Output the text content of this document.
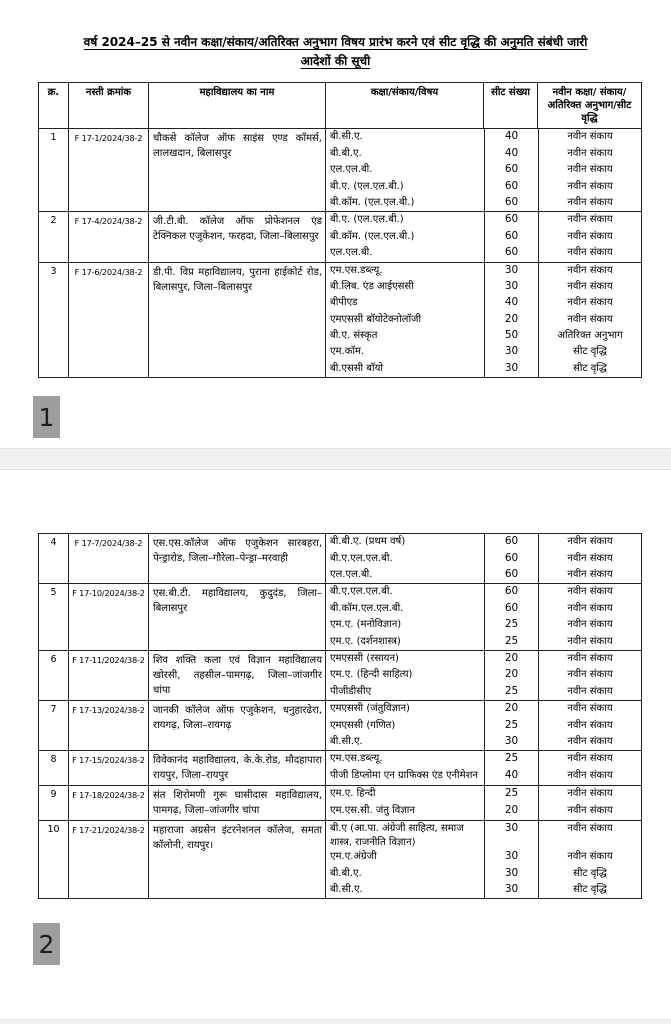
वर्ष 2024–25 से नवीन कक्षा/संकाय/अतिरिक्त अनुभाग विषय प्रारंभ करने एवं सीट वृद्धि की अनुमति संबंधी जारी
आदेशों की सूची
क्र.	नस्ती क्रमांक	महाविद्यालय का नाम	कक्षा/संकाय/विषय	सीट संख्या	नवीन कक्षा/ संकाय/ अतिरिक्त अनुभाग/सीट वृद्धि
1	F 17-1/2024/38-2	चौकसे कॉलेज ऑफ साइंस एण्ड कॉमर्स, लालखदान, बिलासपुर
बी.सी.ए.	40	नवीन संकाय
बी.बी.ए.	40	नवीन संकाय
एल.एल.बी.	60	नवीन संकाय
बी.ए. (एल.एल.बी.)	60	नवीन संकाय
बी.कॉम. (एल.एल.बी.)	60	नवीन संकाय
2	F 17-4/2024/38-2	जी.टी.बी. कॉलेज ऑफ प्रोफेशनल एंड टेक्निकल एजुकेशन, फरहदा, जिला–बिलासपुर
बी.ए. (एल.एल.बी.)	60	नवीन संकाय
बी.कॉम. (एल.एल.बी.)	60	नवीन संकाय
एल.एल.बी.	60	नवीन संकाय
3	F 17-6/2024/38-2	डी.पी. विप्र महाविद्यालय, पुराना हाईकोर्ट रोड, बिलासपुर, जिला–बिलासपुर
एम.एस.डब्ल्यू.	30	नवीन संकाय
बी.लिब. एंड आईएससी	30	नवीन संकाय
बीपीएड	40	नवीन संकाय
एमएससी बॉयोटेक्नोलॉजी	20	नवीन संकाय
बी.ए. संस्कृत	50	अतिरिक्त अनुभाग
एम.कॉम.	30	सीट वृद्धि
बी.एससी बॉयो	30	सीट वृद्धि
1
4	F 17-7/2024/38-2	एस.एस.कॉलेज ऑफ एजुकेशन सारबहरा, पेन्ड्रारोड, जिला–गौरेला–पेन्ड्रा–मरवाही
बी.बी.ए. (प्रथम वर्ष)	60	नवीन संकाय
बी.ए.एल.एल.बी.	60	नवीन संकाय
एल.एल.बी.	60	नवीन संकाय
5	F 17-10/2024/38-2 एस.बी.टी. महाविद्यालय, कुदुदंड, जिला–बिलासपुर
बी.ए.एल.एल.बी.	60	नवीन संकाय
बी.कॉम.एल.एल.बी.	60	नवीन संकाय
एम.ए. (मनोविज्ञान)	25	नवीन संकाय
एम.ए. (दर्शनशास्त्र)	25	नवीन संकाय
6	F 17-11/2024/38-2 शिव शक्ति कला एवं विज्ञान महाविद्यालय खोरसी, तहसील–पामगढ़, जिला–जांजगीर चांपा
एमएससी (रसायन)	20	नवीन संकाय
एम.ए. (हिन्दी साहित्य)	20	नवीन संकाय
पीजीडीसीए	25	नवीन संकाय
7	F 17-13/2024/38-2 जानकी कॉलेज ऑफ एजुकेशन, धनुहारढेरा, रायगढ़, जिला–रायगढ़
एमएससी (जंतुविज्ञान)	20	नवीन संकाय
एमएससी (गणित)	25	नवीन संकाय
बी.सी.ए.	30	नवीन संकाय
8	F 17-15/2024/38-2 विवेकानंद महाविद्यालय, के.के.रोड, मौदहापारा रायपुर, जिला–रायपुर
एम.एस.डब्ल्यू.	25	नवीन संकाय
पीजी डिप्लोमा एन ग्राफिक्स एंड एनीमेशन	40	नवीन संकाय
9	F 17-18/2024/38-2 संत शिरोमणी गुरू घासीदास महाविद्यालय, पामगढ़, जिला–जांजगीर चांपा
एम.ए. हिन्दी	25	नवीन संकाय
एम.एस.सी. जंतु विज्ञान	20	नवीन संकाय
10	F 17-21/2024/38-2 महाराजा अग्रसेन इंटरनेशनल कॉलेज, समता कॉलोनी, रायपुर।
बी.ए (आ.पा. अंग्रेजी साहित्य, समाज शास्त्र, राजनीति विज्ञान)
30	नवीन संकाय
एम.ए.अंग्रेजी	30	नवीन संकाय
बी.बी.ए.	30	सीट वृद्धि
बी.सी.ए.	30	सीट वृद्धि
2
